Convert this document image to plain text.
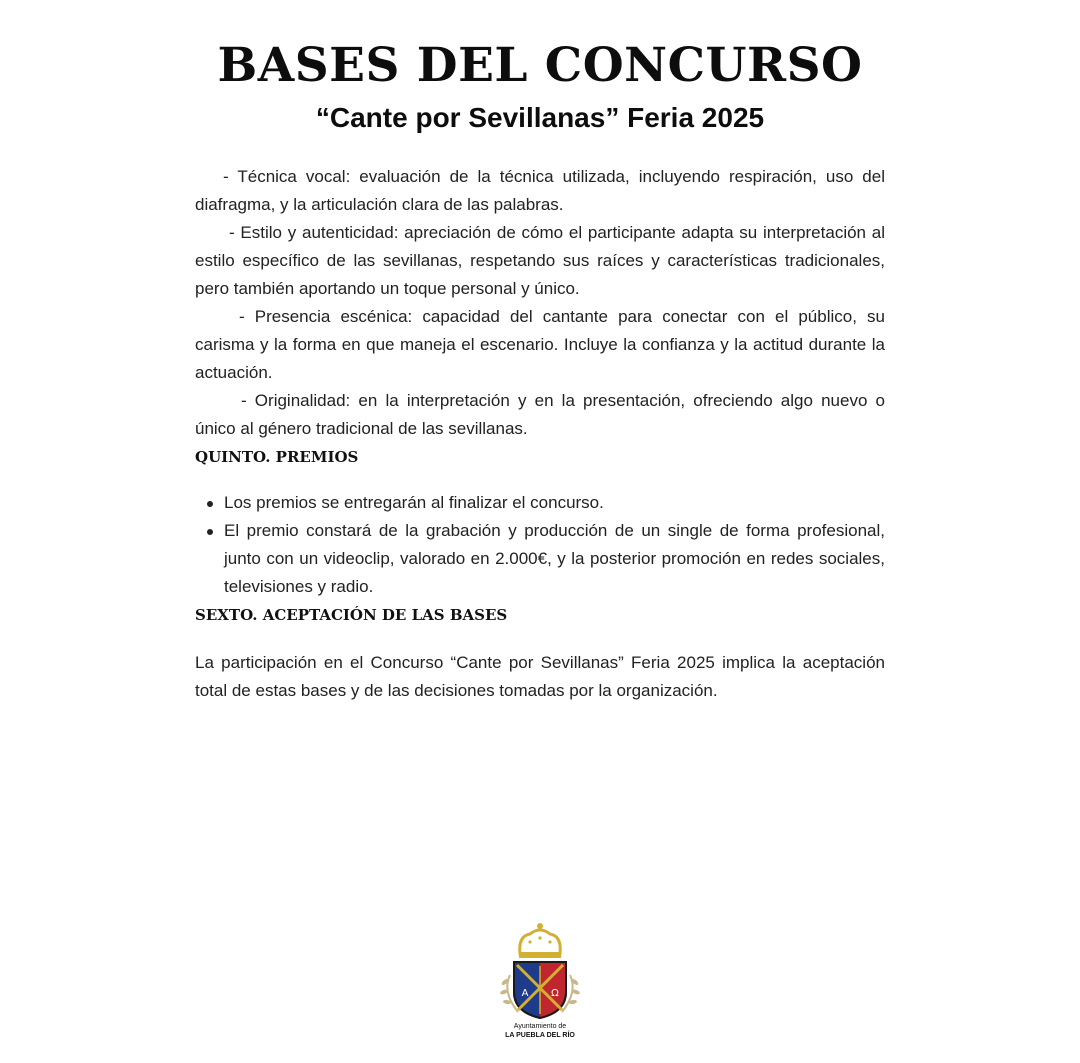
BASES DEL CONCURSO
“Cante por Sevillanas” Feria 2025

- Técnica vocal: evaluación de la técnica utilizada, incluyendo respiración, uso del diafragma, y la articulación clara de las palabras.

- Estilo y autenticidad: apreciación de cómo el participante adapta su interpretación al estilo específico de las sevillanas, respetando sus raíces y características tradicionales, pero también aportando un toque personal y único.

- Presencia escénica: capacidad del cantante para conectar con el público, su carisma y la forma en que maneja el escenario. Incluye la confianza y la actitud durante la actuación.

- Originalidad: en la interpretación y en la presentación, ofreciendo algo nuevo o único al género tradicional de las sevillanas.

QUINTO. PREMIOS

Los premios se entregarán al finalizar el concurso.
El premio constará de la grabación y producción de un single de forma profesional, junto con un videoclip, valorado en 2.000€, y la posterior promoción en redes sociales, televisiones y radio.

SEXTO. ACEPTACIÓN DE LAS BASES

La participación en el Concurso “Cante por Sevillanas” Feria 2025 implica la aceptación total de estas bases y de las decisiones tomadas por la organización.

A Ω
Ayuntamiento de
LA PUEBLA DEL RÍO
